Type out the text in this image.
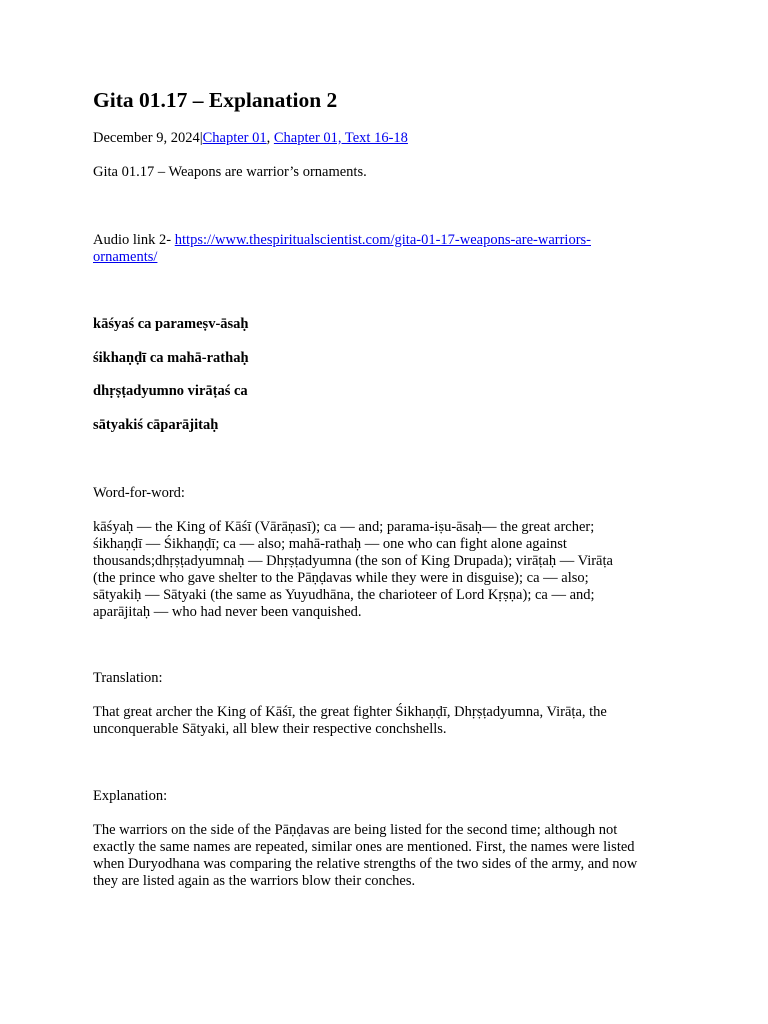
Gita 01.17 – Explanation 2
December 9, 2024|Chapter 01, Chapter 01, Text 16-18

Gita 01.17 – Weapons are warrior’s ornaments.

Audio link 2- https://www.thespiritualscientist.com/gita-01-17-weapons-are-warriors-
ornaments/

kāśyaś ca parameṣv-āsaḥ

śikhaṇḍī ca mahā-rathaḥ

dhṛṣṭadyumno virāṭaś ca

sātyakiś cāparājitaḥ

Word-for-word:

kāśyaḥ — the King of Kāśī (Vārāṇasī); ca — and; parama-iṣu-āsaḥ— the great archer;
śikhaṇḍī — Śikhaṇḍī; ca — also; mahā-rathaḥ — one who can fight alone against
thousands;dhṛṣṭadyumnaḥ — Dhṛṣṭadyumna (the son of King Drupada); virāṭaḥ — Virāṭa
(the prince who gave shelter to the Pāṇḍavas while they were in disguise); ca — also;
sātyakiḥ — Sātyaki (the same as Yuyudhāna, the charioteer of Lord Kṛṣṇa); ca — and;
aparājitaḥ — who had never been vanquished.

Translation:

That great archer the King of Kāśī, the great fighter Śikhaṇḍī, Dhṛṣṭadyumna, Virāṭa, the
unconquerable Sātyaki, all blew their respective conchshells.

Explanation:

The warriors on the side of the Pāṇḍavas are being listed for the second time; although not
exactly the same names are repeated, similar ones are mentioned. First, the names were listed
when Duryodhana was comparing the relative strengths of the two sides of the army, and now
they are listed again as the warriors blow their conches.
